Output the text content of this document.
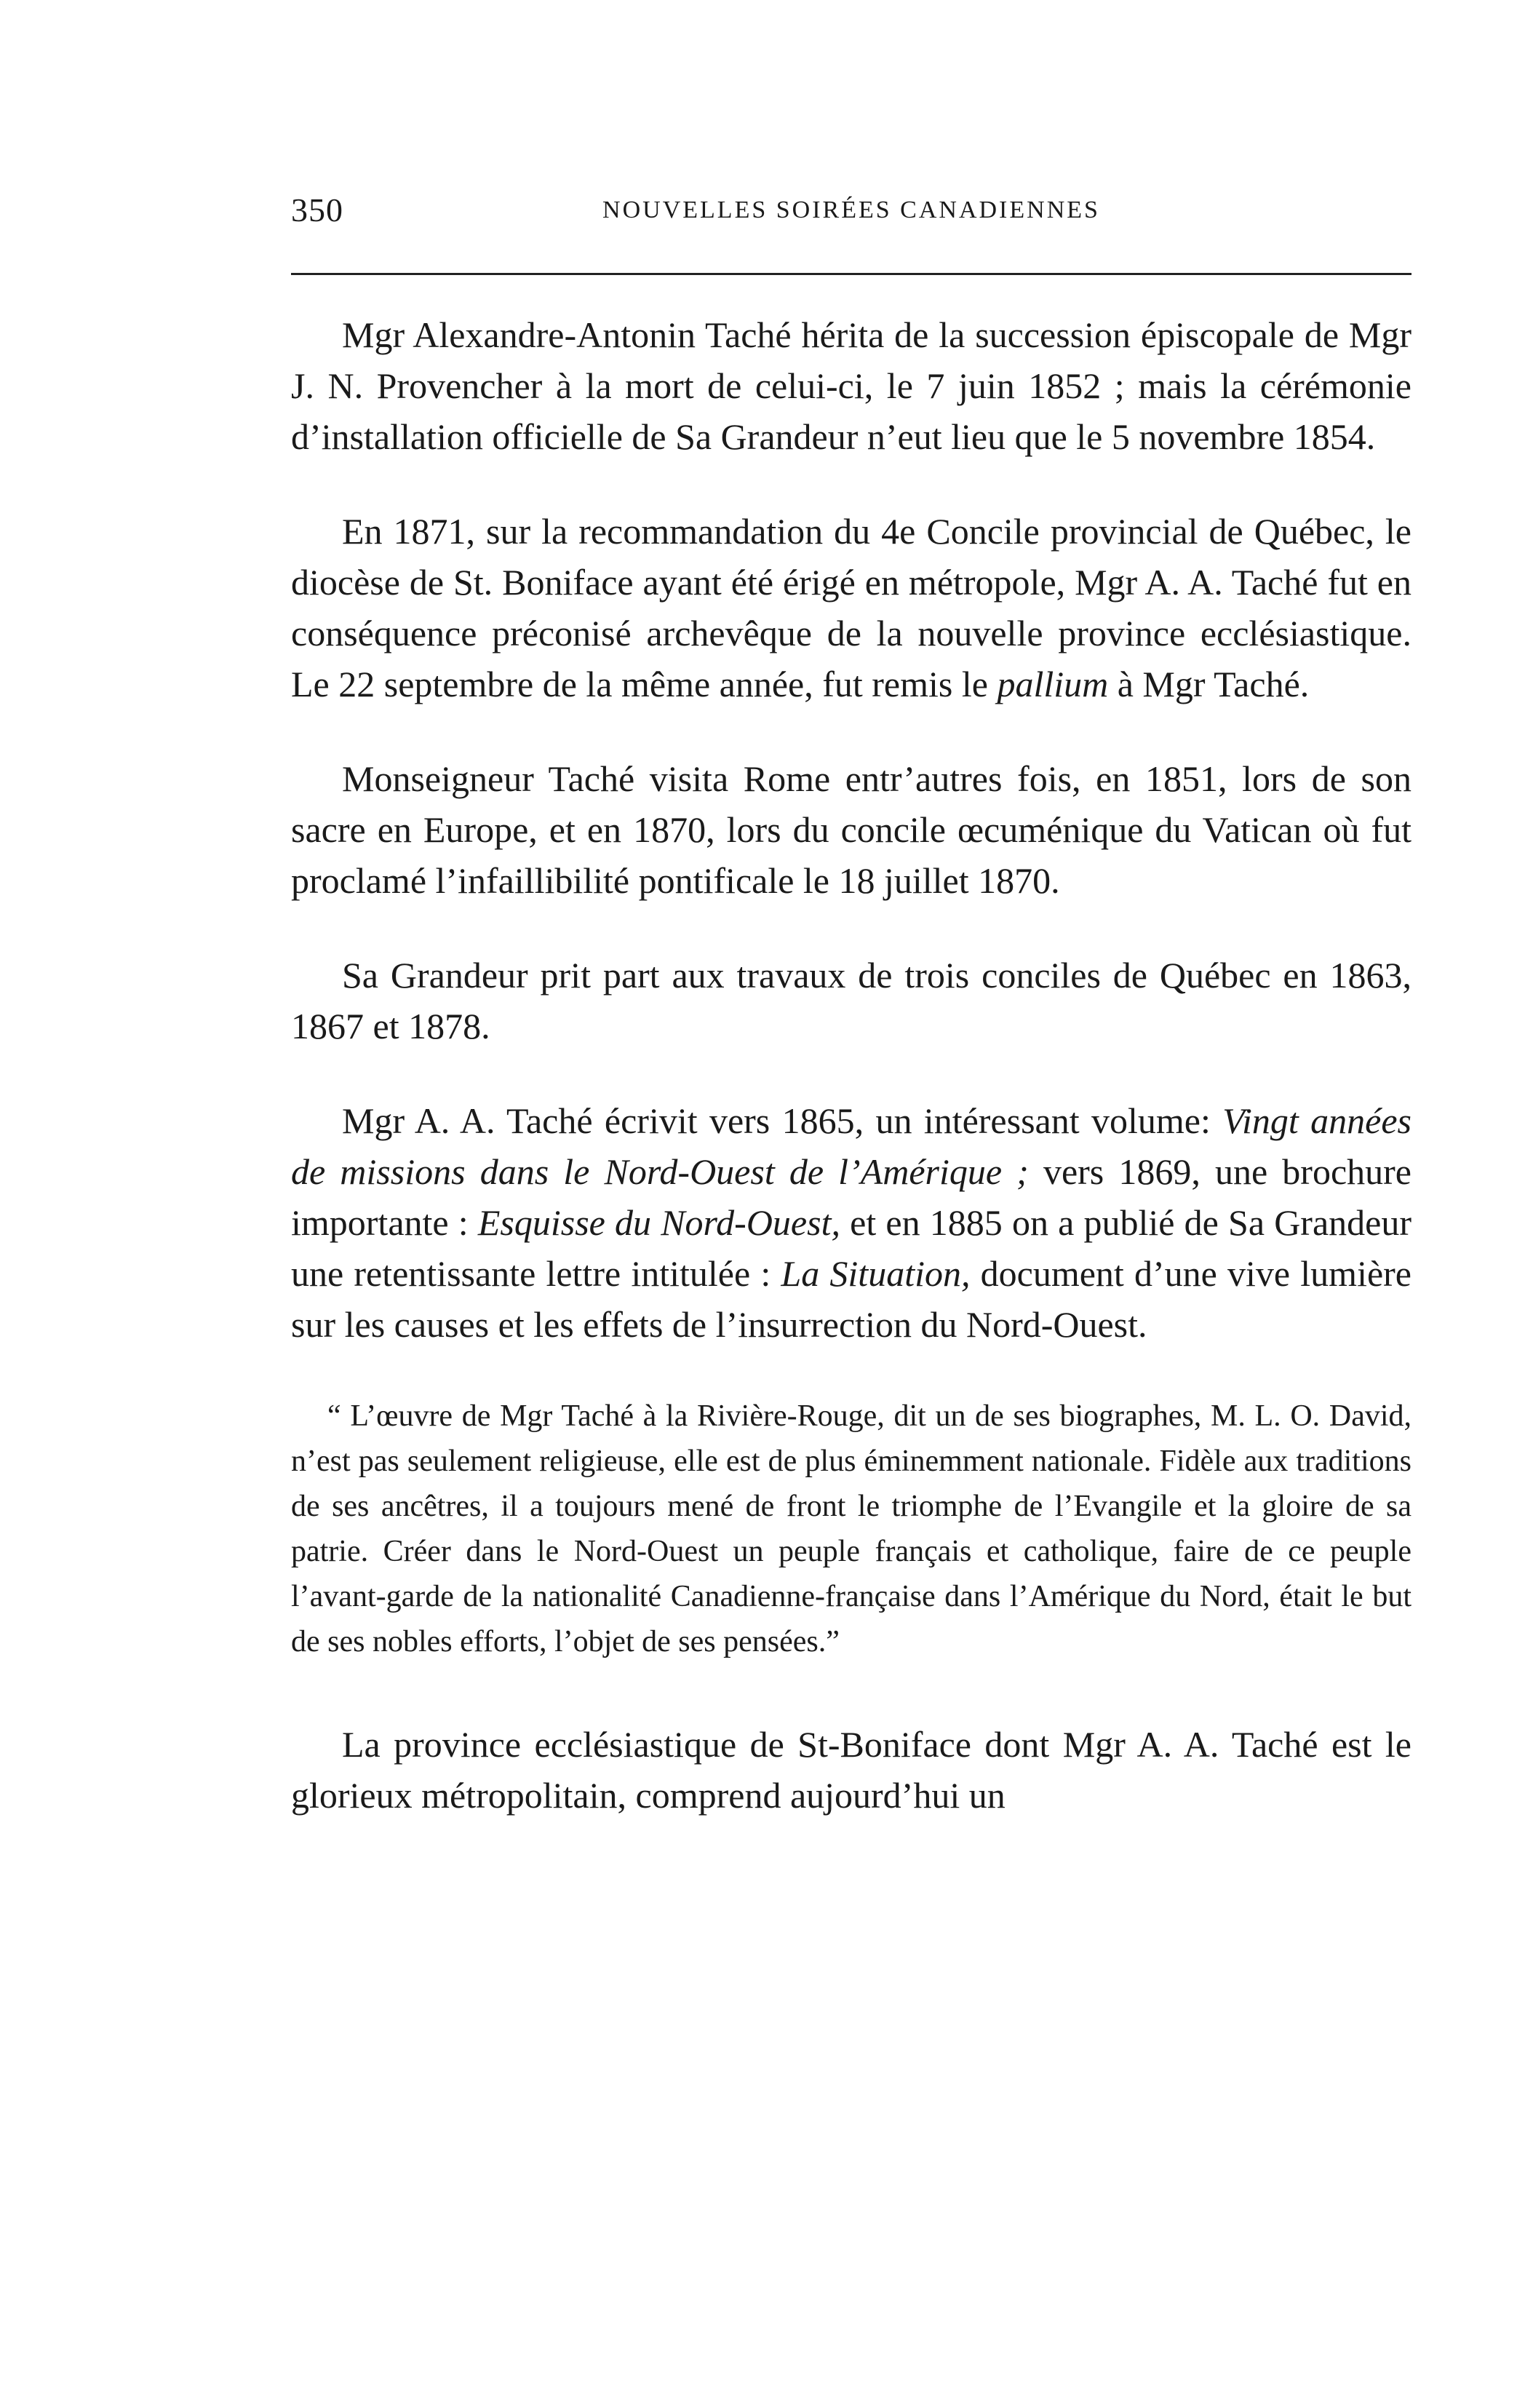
350	NOUVELLES SOIRÉES CANADIENNES

Mgr Alexandre-Antonin Taché hérita de la succession épiscopale de Mgr J. N. Provencher à la mort de celui-ci, le 7 juin 1852 ; mais la cérémonie d’installation officielle de Sa Grandeur n’eut lieu que le 5 novembre 1854.

En 1871, sur la recommandation du 4e Concile provincial de Québec, le diocèse de St. Boniface ayant été érigé en métropole, Mgr A. A. Taché fut en conséquence préconisé archevêque de la nouvelle province ecclésiastique. Le 22 septembre de la même année, fut remis le pallium à Mgr Taché.

Monseigneur Taché visita Rome entr’autres fois, en 1851, lors de son sacre en Europe, et en 1870, lors du concile œcuménique du Vatican où fut proclamé l’infaillibilité pontificale le 18 juillet 1870.

Sa Grandeur prit part aux travaux de trois conciles de Québec en 1863, 1867 et 1878.

Mgr A. A. Taché écrivit vers 1865, un intéressant volume: Vingt années de missions dans le Nord-Ouest de l’Amérique ; vers 1869, une brochure importante : Esquisse du Nord-Ouest, et en 1885 on a publié de Sa Grandeur une retentissante lettre intitulée : La Situation, document d’une vive lumière sur les causes et les effets de l’insurrection du Nord-Ouest.

“ L’œuvre de Mgr Taché à la Rivière-Rouge, dit un de ses biographes, M. L. O. David, n’est pas seulement religieuse, elle est de plus éminemment nationale. Fidèle aux traditions de ses ancêtres, il a toujours mené de front le triomphe de l’Evangile et la gloire de sa patrie. Créer dans le Nord-Ouest un peuple français et catholique, faire de ce peuple l’avant-garde de la nationalité Canadienne-française dans l’Amérique du Nord, était le but de ses nobles efforts, l’objet de ses pensées.”

La province ecclésiastique de St-Boniface dont Mgr A. A. Taché est le glorieux métropolitain, comprend aujourd’hui un
